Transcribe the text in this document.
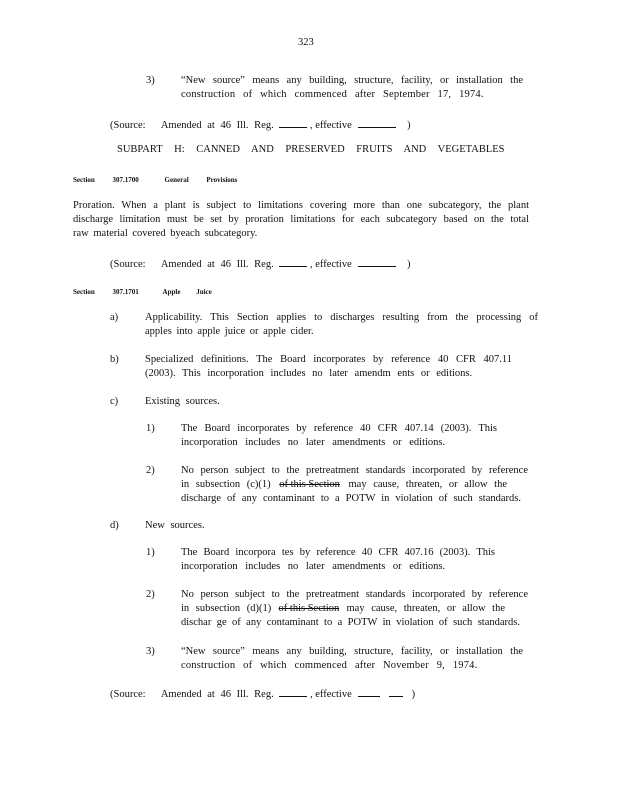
323
3)	“New source” means any building, structure, facility, or installation the
construction of which commenced after September 17, 1974.
(Source: Amended at 46 Ill. Reg.	, effective	)
SUBPART H: CANNED AND PRESERVED FRUITS AND VEGETABLES
Section	307.1700	General	Provisions
Proration. When a plant is subject to limitations covering more than one subcategory, the plant
discharge limitation must be set by proration limitations for each subcategory based on the total
raw material covered byeach subcategory.
(Source: Amended at 46 Ill. Reg.	, effective	)
Section	307.1701	Apple Juice
a)	Applicability. This Section applies to discharges resulting from the processing of
apples into apple juice or apple cider.
b)	Specialized definitions. The Board incorporates by reference 40 CFR 407.11
(2003). This incorporation includes no later amendm ents or editions.
c)	Existing sources.
1)	The Board incorporates by reference 40 CFR 407.14 (2003). This
incorporation includes no later amendments or editions.
2)	No person subject to the pretreatment standards incorporated by reference
in subsection (c)(1) of this Section may cause, threaten, or allow the
discharge of any contaminant to a POTW in violation of such standards.
d)	New sources.
1)	The Board incorpora tes by reference 40 CFR 407.16 (2003). This
incorporation includes no later amendments or editions.
2)	No person subject to the pretreatment standards incorporated by reference
in subsection (d)(1) of this Section may cause, threaten, or allow the
dischar ge of any contaminant to a POTW in violation of such standards.
3)	“New source” means any building, structure, facility, or installation the
construction of which commenced after November 9, 1974.
(Source: Amended at 46 Ill. Reg.	, effective	)
